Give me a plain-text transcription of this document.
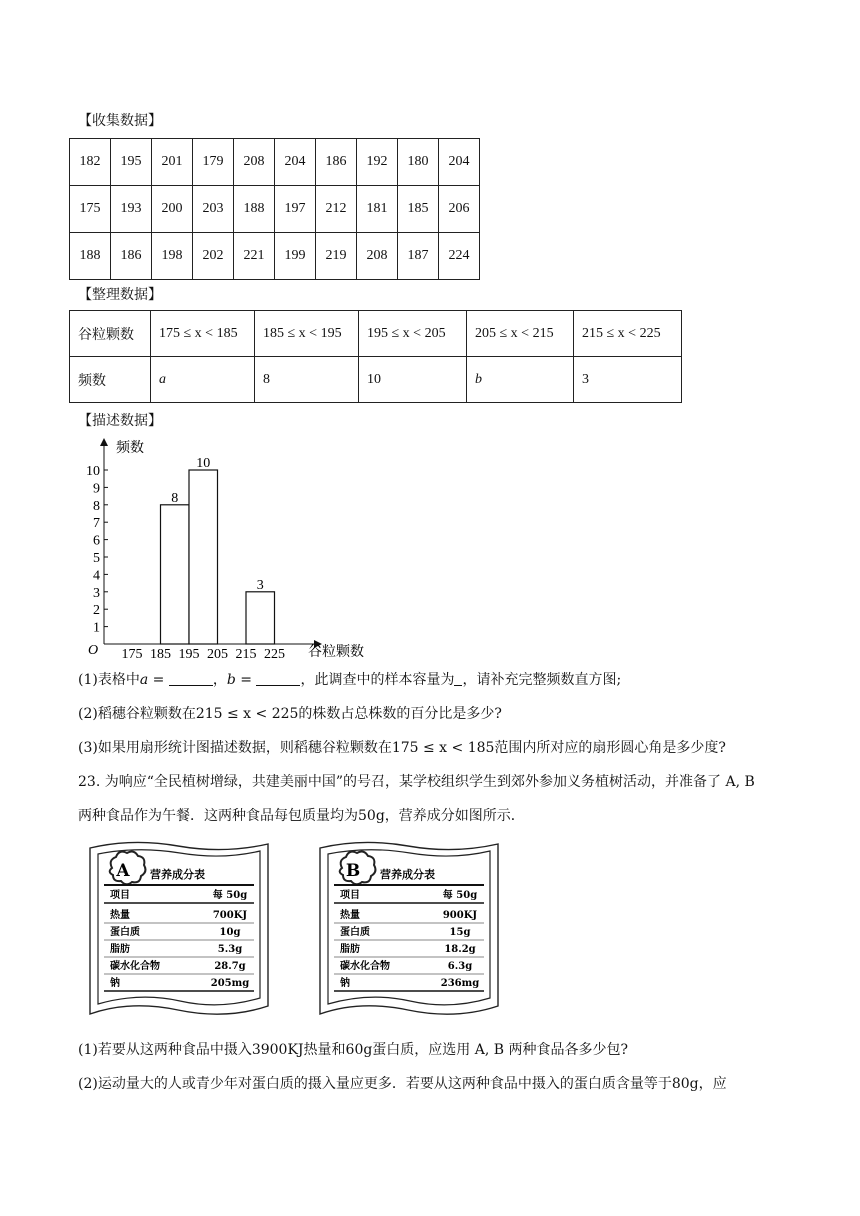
【收集数据】
182	195	201	179	208	204	186	192	180	204
175	193	200	203	188	197	212	181	185	206
188	186	198	202	221	199	219	208	187	224
【整理数据】
谷粒颗数	175 ≤ x < 185	185 ≤ x < 195	195 ≤ x < 205	205 ≤ x < 215	215 ≤ x < 225
频数	a	8	10	b	3
【描述数据】
1
2
3
4
5
6
7
8
9
10
175 185 195 205 215 225
8
10
3
频数
谷粒颗数
O
(1)表格中a =	，b =	，此调查中的样本容量为 ，请补充完整频数直方图;
(2)稻穗谷粒颗数在215 ≤ x < 225的株数占总株数的百分比是多少?
(3)如果用扇形统计图描述数据，则稻穗谷粒颗数在175 ≤ x < 185范围内所对应的扇形圆心角是多少度?
23. 为响应“全民植树增绿，共建美丽中国”的号召，某学校组织学生到郊外参加义务植树活动，并准备了 A, B
两种食品作为午餐．这两种食品每包质量均为50g，营养成分如图所示．
A 营养成分表
项目	每 50g
热量	700KJ
蛋白质	10g
脂肪	5.3g
碳水化合物	28.7g
钠	205mg
B 营养成分表
项目	每 50g
热量	900KJ
蛋白质	15g
脂肪	18.2g
碳水化合物	6.3g
钠	236mg
(1)若要从这两种食品中摄入3900KJ热量和60g蛋白质，应选用 A, B 两种食品各多少包?
(2)运动量大的人或青少年对蛋白质的摄入量应更多．若要从这两种食品中摄入的蛋白质含量等于80g，应
